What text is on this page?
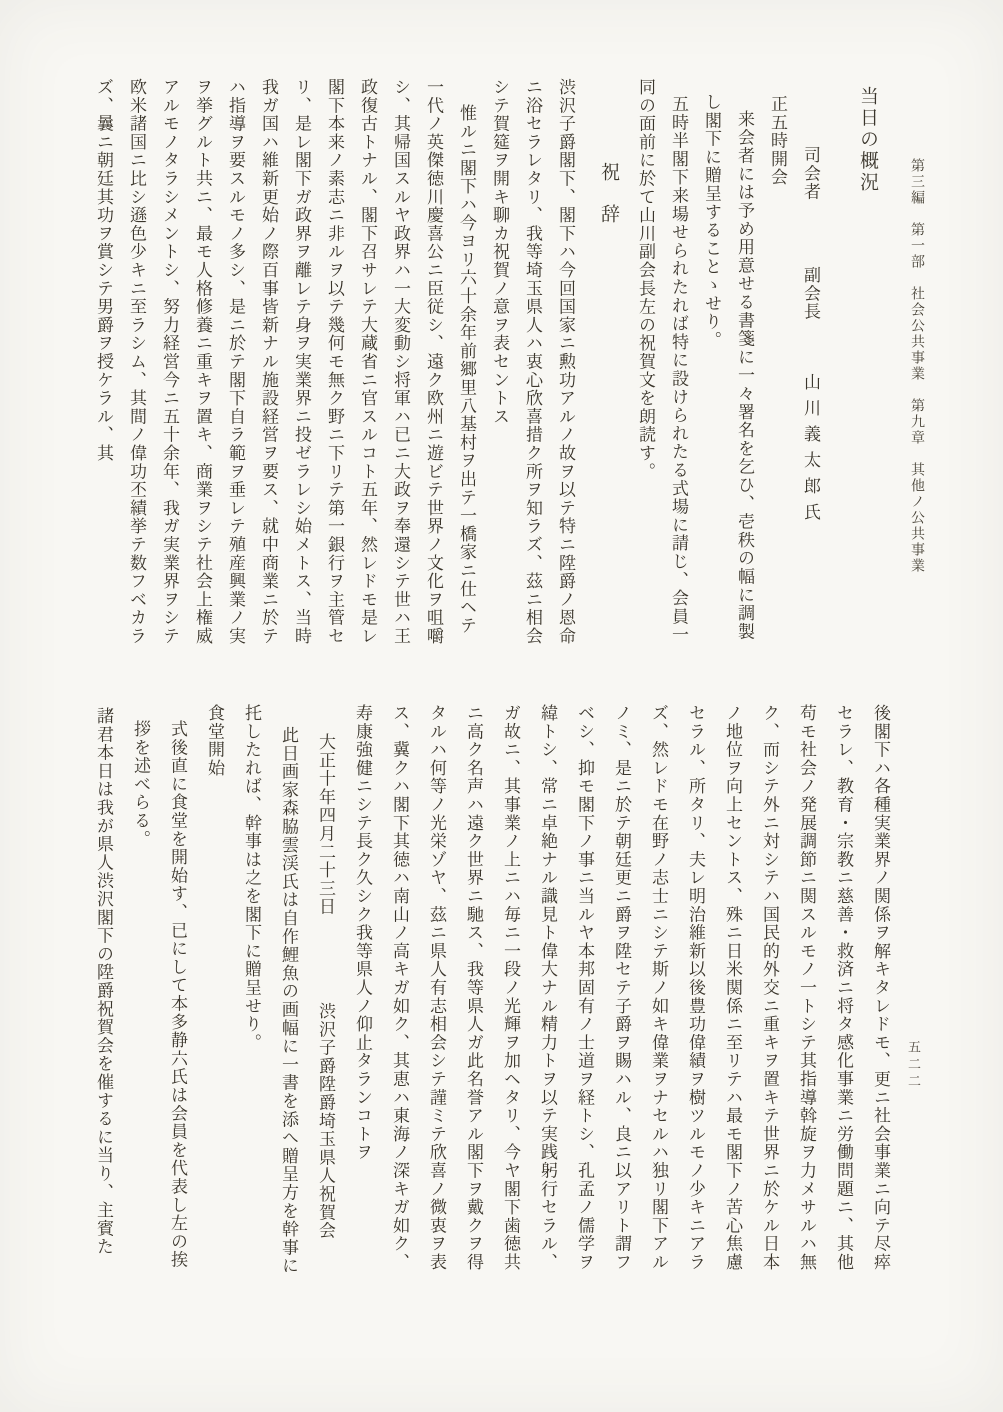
第三編　第一部　社会公共事業　第九章　其他ノ公共事業

当日の概況

司会者 副会長 山川義太郎氏

正五時開会 来会者には予め用意せる書箋に一々署名を乞ひ、壱秩の幅に調製し閣下に贈呈することゝせり。

五時半閣下来場せられたれば特に設けられたる式場に請じ、会員一同の面前に於て山川副会長左の祝賀文を朗読す。

祝　辞

渋沢子爵閣下、閣下ハ今回国家ニ勲功アルノ故ヲ以テ特ニ陞爵ノ恩命ニ浴セラレタリ、我等埼玉県人ハ衷心欣喜措ク所ヲ知ラズ、茲ニ相会シテ賀筵ヲ開キ聊カ祝賀ノ意ヲ表セントス

惟ルニ閣下ハ今ヨリ六十余年前郷里八基村ヲ出テ一橋家ニ仕ヘテ一代ノ英傑徳川慶喜公ニ臣従シ、遠ク欧州ニ遊ビテ世界ノ文化ヲ咀嚼シ、其帰国スルヤ政界ハ一大変動シ将軍ハ已ニ大政ヲ奉還シテ世ハ王政復古トナル、閣下召サレテ大蔵省ニ官スルコト五年、然レドモ是レ閣下本来ノ素志ニ非ルヲ以テ幾何モ無ク野ニ下リテ第一銀行ヲ主管セリ、是レ閣下ガ政界ヲ離レテ身ヲ実業界ニ投ゼラレシ始メトス、当時我ガ国ハ維新更始ノ際百事皆新ナル施設経営ヲ要ス、就中商業ニ於テハ指導ヲ要スルモノ多シ、是ニ於テ閣下自ラ範ヲ垂レテ殖産興業ノ実ヲ挙グルト共ニ、最モ人格修養ニ重キヲ置キ、商業ヲシテ社会上権威アルモノタラシメントシ、努力経営今ニ五十余年、我ガ実業界ヲシテ欧米諸国ニ比シ遜色少キニ至ラシム、其間ノ偉功丕績挙テ数フベカラズ、曩ニ朝廷其功ヲ賞シテ男爵ヲ授ケラル、其

後閣下ハ各種実業界ノ関係ヲ解キタレドモ、更ニ社会事業ニ向テ尽瘁セラレ、教育・宗教ニ慈善・救済ニ将タ感化事業ニ労働問題ニ、其他苟モ社会ノ発展調節ニ関スルモノ一トシテ其指導斡旋ヲ力メサルハ無ク、而シテ外ニ対シテハ国民的外交ニ重キヲ置キテ世界ニ於ケル日本ノ地位ヲ向上セントス、殊ニ日米関係ニ至リテハ最モ閣下ノ苦心焦慮セラル、所タリ、夫レ明治維新以後豊功偉績ヲ樹ツルモノ少キニアラズ、然レドモ在野ノ志士ニシテ斯ノ如キ偉業ヲナセルハ独リ閣下アルノミ、是ニ於テ朝廷更ニ爵ヲ陞セテ子爵ヲ賜ハル、良ニ以アリト謂フベシ、抑モ閣下ノ事ニ当ルヤ本邦固有ノ士道ヲ経トシ、孔孟ノ儒学ヲ緯トシ、常ニ卓絶ナル識見ト偉大ナル精力トヲ以テ実践躬行セラル、ガ故ニ、其事業ノ上ニハ毎ニ一段ノ光輝ヲ加ヘタリ、今ヤ閣下歯徳共ニ高ク名声ハ遠ク世界ニ馳ス、我等県人ガ此名誉アル閣下ヲ戴クヲ得タルハ何等ノ光栄ゾヤ、茲ニ県人有志相会シテ謹ミテ欣喜ノ微衷ヲ表ス、冀クハ閣下其徳ハ南山ノ高キガ如ク、其恵ハ東海ノ深キガ如ク、寿康強健ニシテ長ク久シク我等県人ノ仰止タランコトヲ

大正十年四月二十三日 渋沢子爵陞爵埼玉県人祝賀会

此日画家森脇雲渓氏は自作鯉魚の画幅に一書を添へ贈呈方を幹事に托したれば、幹事は之を閣下に贈呈せり。

食堂開始 式後直に食堂を開始す、已にして本多静六氏は会員を代表し左の挨拶を述べらる。

諸君本日は我が県人渋沢閣下の陞爵祝賀会を催するに当り、主賓た	五二二
